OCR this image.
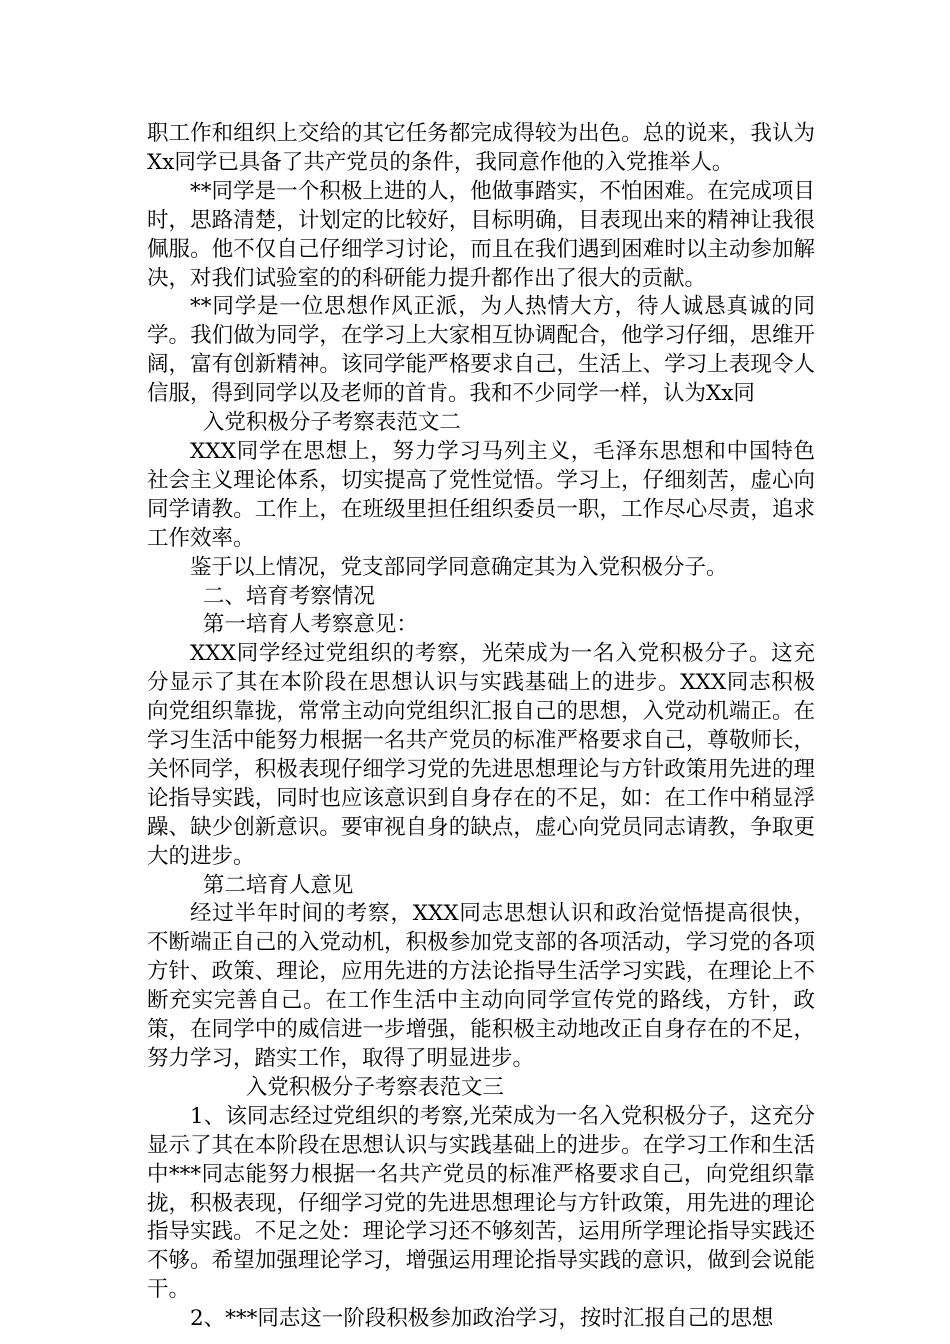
职工作和组织上交给的其它任务都完成得较为出色。总的说来，我认为Xx同学已具备了共产党员的条件，我同意作他的入党推举人。

**同学是一个积极上进的人，他做事踏实，不怕困难。在完成项目时，思路清楚，计划定的比较好，目标明确，目表现出来的精神让我很佩服。他不仅自己仔细学习讨论，而且在我们遇到困难时以主动参加解决，对我们试验室的的科研能力提升都作出了很大的贡献。

**同学是一位思想作风正派，为人热情大方，待人诚恳真诚的同学。我们做为同学，在学习上大家相互协调配合，他学习仔细，思维开阔，富有创新精神。该同学能严格要求自己，生活上、学习上表现令人信服，得到同学以及老师的首肯。我和不少同学一样，认为Xx同

入党积极分子考察表范文二

XXX同学在思想上，努力学习马列主义，毛泽东思想和中国特色社会主义理论体系，切实提高了党性觉悟。学习上，仔细刻苦，虚心向同学请教。工作上，在班级里担任组织委员一职，工作尽心尽责，追求工作效率。

鉴于以上情况，党支部同学同意确定其为入党积极分子。

二、培育考察情况

第一培育人考察意见：

XXX同学经过党组织的考察，光荣成为一名入党积极分子。这充分显示了其在本阶段在思想认识与实践基础上的进步。XXX同志积极向党组织靠拢，常常主动向党组织汇报自己的思想，入党动机端正。在学习生活中能努力根据一名共产党员的标准严格要求自己，尊敬师长，关怀同学，积极表现仔细学习党的先进思想理论与方针政策用先进的理论指导实践，同时也应该意识到自身存在的不足，如：在工作中稍显浮躁、缺少创新意识。要审视自身的缺点，虚心向党员同志请教，争取更大的进步。

第二培育人意见

经过半年时间的考察，XXX同志思想认识和政治觉悟提高很快，不断端正自己的入党动机，积极参加党支部的各项活动，学习党的各项方针、政策、理论，应用先进的方法论指导生活学习实践，在理论上不断充实完善自己。在工作生活中主动向同学宣传党的路线，方针，政策，在同学中的威信进一步增强，能积极主动地改正自身存在的不足，努力学习，踏实工作，取得了明显进步。

入党积极分子考察表范文三

1、该同志经过党组织的考察,光荣成为一名入党积极分子，这充分显示了其在本阶段在思想认识与实践基础上的进步。在学习工作和生活中***同志能努力根据一名共产党员的标准严格要求自己，向党组织靠拢，积极表现，仔细学习党的先进思想理论与方针政策，用先进的理论指导实践。不足之处：理论学习还不够刻苦，运用所学理论指导实践还不够。希望加强理论学习，增强运用理论指导实践的意识，做到会说能干。

2、***同志这一阶段积极参加政治学习，按时汇报自己的思想
